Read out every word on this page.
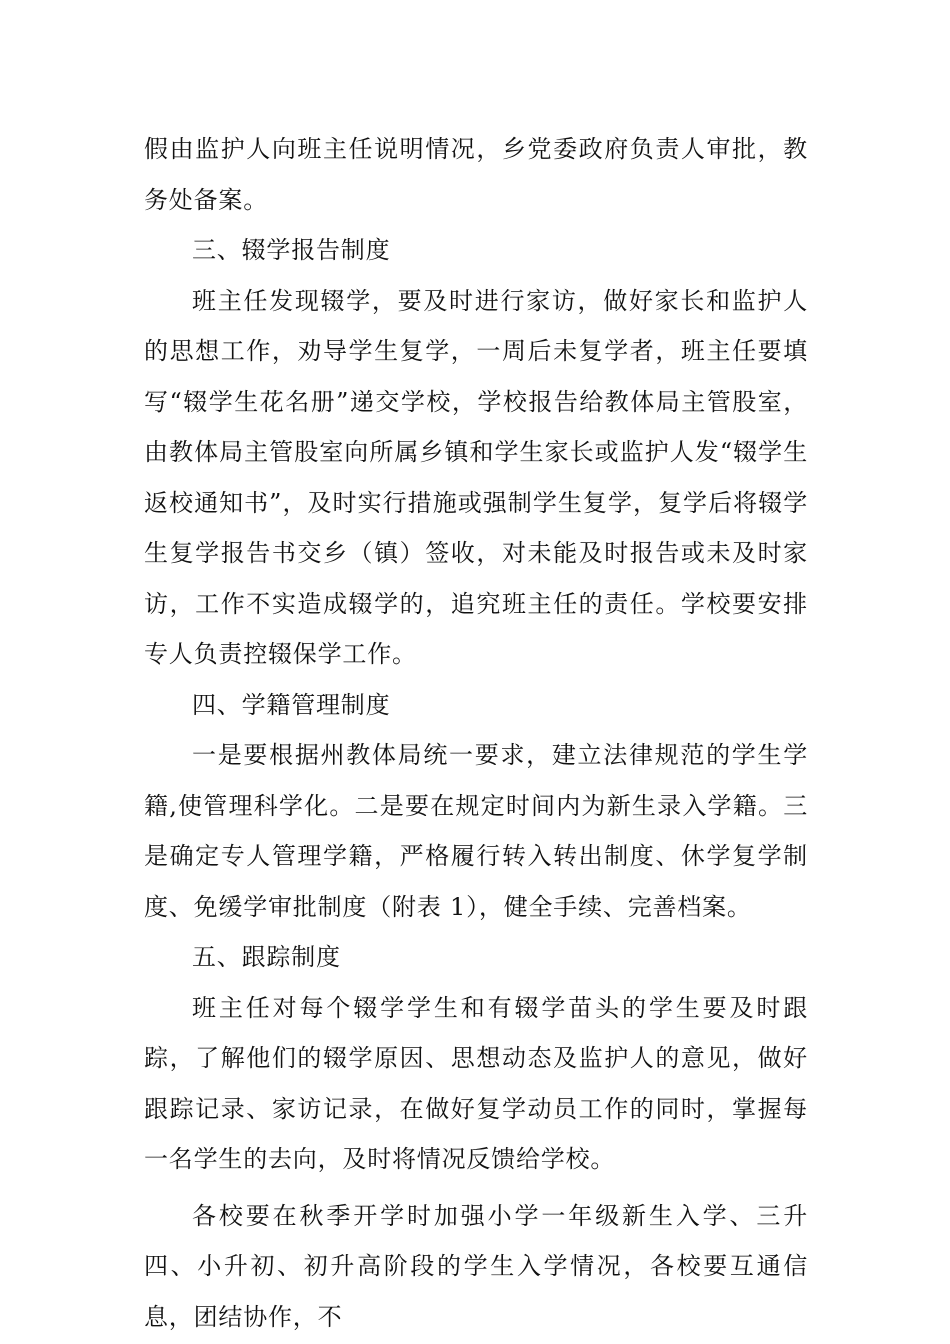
假由监护人向班主任说明情况，乡党委政府负责人审批，教务处备案。

三、辍学报告制度

班主任发现辍学，要及时进行家访，做好家长和监护人的思想工作，劝导学生复学，一周后未复学者，班主任要填写“辍学生花名册”递交学校，学校报告给教体局主管股室，由教体局主管股室向所属乡镇和学生家长或监护人发“辍学生返校通知书”，及时实行措施或强制学生复学，复学后将辍学生复学报告书交乡（镇）签收，对未能及时报告或未及时家访，工作不实造成辍学的，追究班主任的责任。学校要安排专人负责控辍保学工作。

四、学籍管理制度

一是要根据州教体局统一要求，建立法律规范的学生学籍,使管理科学化。二是要在规定时间内为新生录入学籍。三是确定专人管理学籍，严格履行转入转出制度、休学复学制度、免缓学审批制度（附表 1），健全手续、完善档案。

五、跟踪制度

班主任对每个辍学学生和有辍学苗头的学生要及时跟踪，了解他们的辍学原因、思想动态及监护人的意见，做好跟踪记录、家访记录，在做好复学动员工作的同时，掌握每一名学生的去向，及时将情况反馈给学校。

各校要在秋季开学时加强小学一年级新生入学、三升四、小升初、初升高阶段的学生入学情况，各校要互通信息，团结协作，不
